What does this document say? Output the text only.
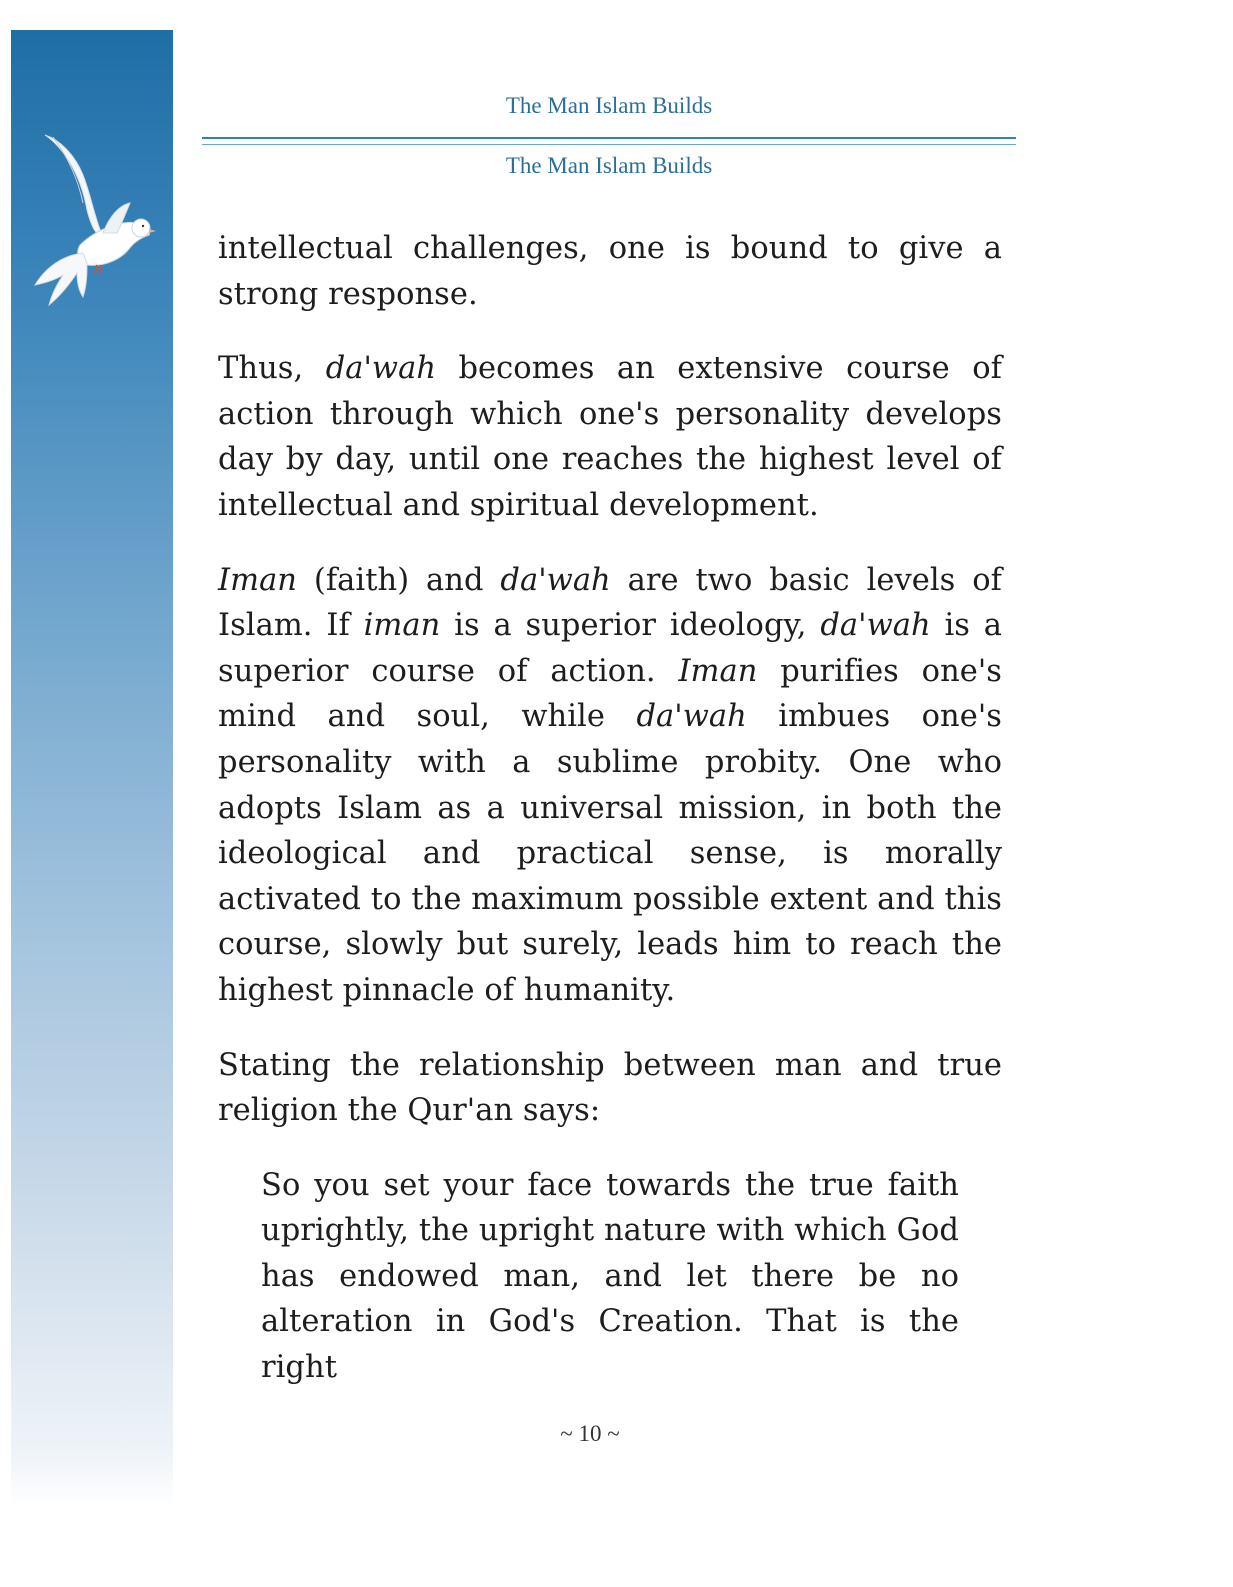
The Man Islam Builds
The Man Islam Builds

intellectual challenges, one is bound to give a strong response.

Thus, da'wah becomes an extensive course of action through which one's personality develops day by day, until one reaches the highest level of intellectual and spiritual development.

Iman (faith) and da'wah are two basic levels of Islam. If iman is a superior ideology, da'wah is a superior course of action. Iman purifies one's mind and soul, while da'wah imbues one's personality with a sublime probity. One who adopts Islam as a universal mission, in both the ideological and practical sense, is morally activated to the maximum possible extent and this course, slowly but surely, leads him to reach the highest pinnacle of humanity.

Stating the relationship between man and true religion the Qur'an says:

So you set your face towards the true faith uprightly, the upright nature with which God has endowed man, and let there be no alteration in God's Creation. That is the right

~ 10 ~
